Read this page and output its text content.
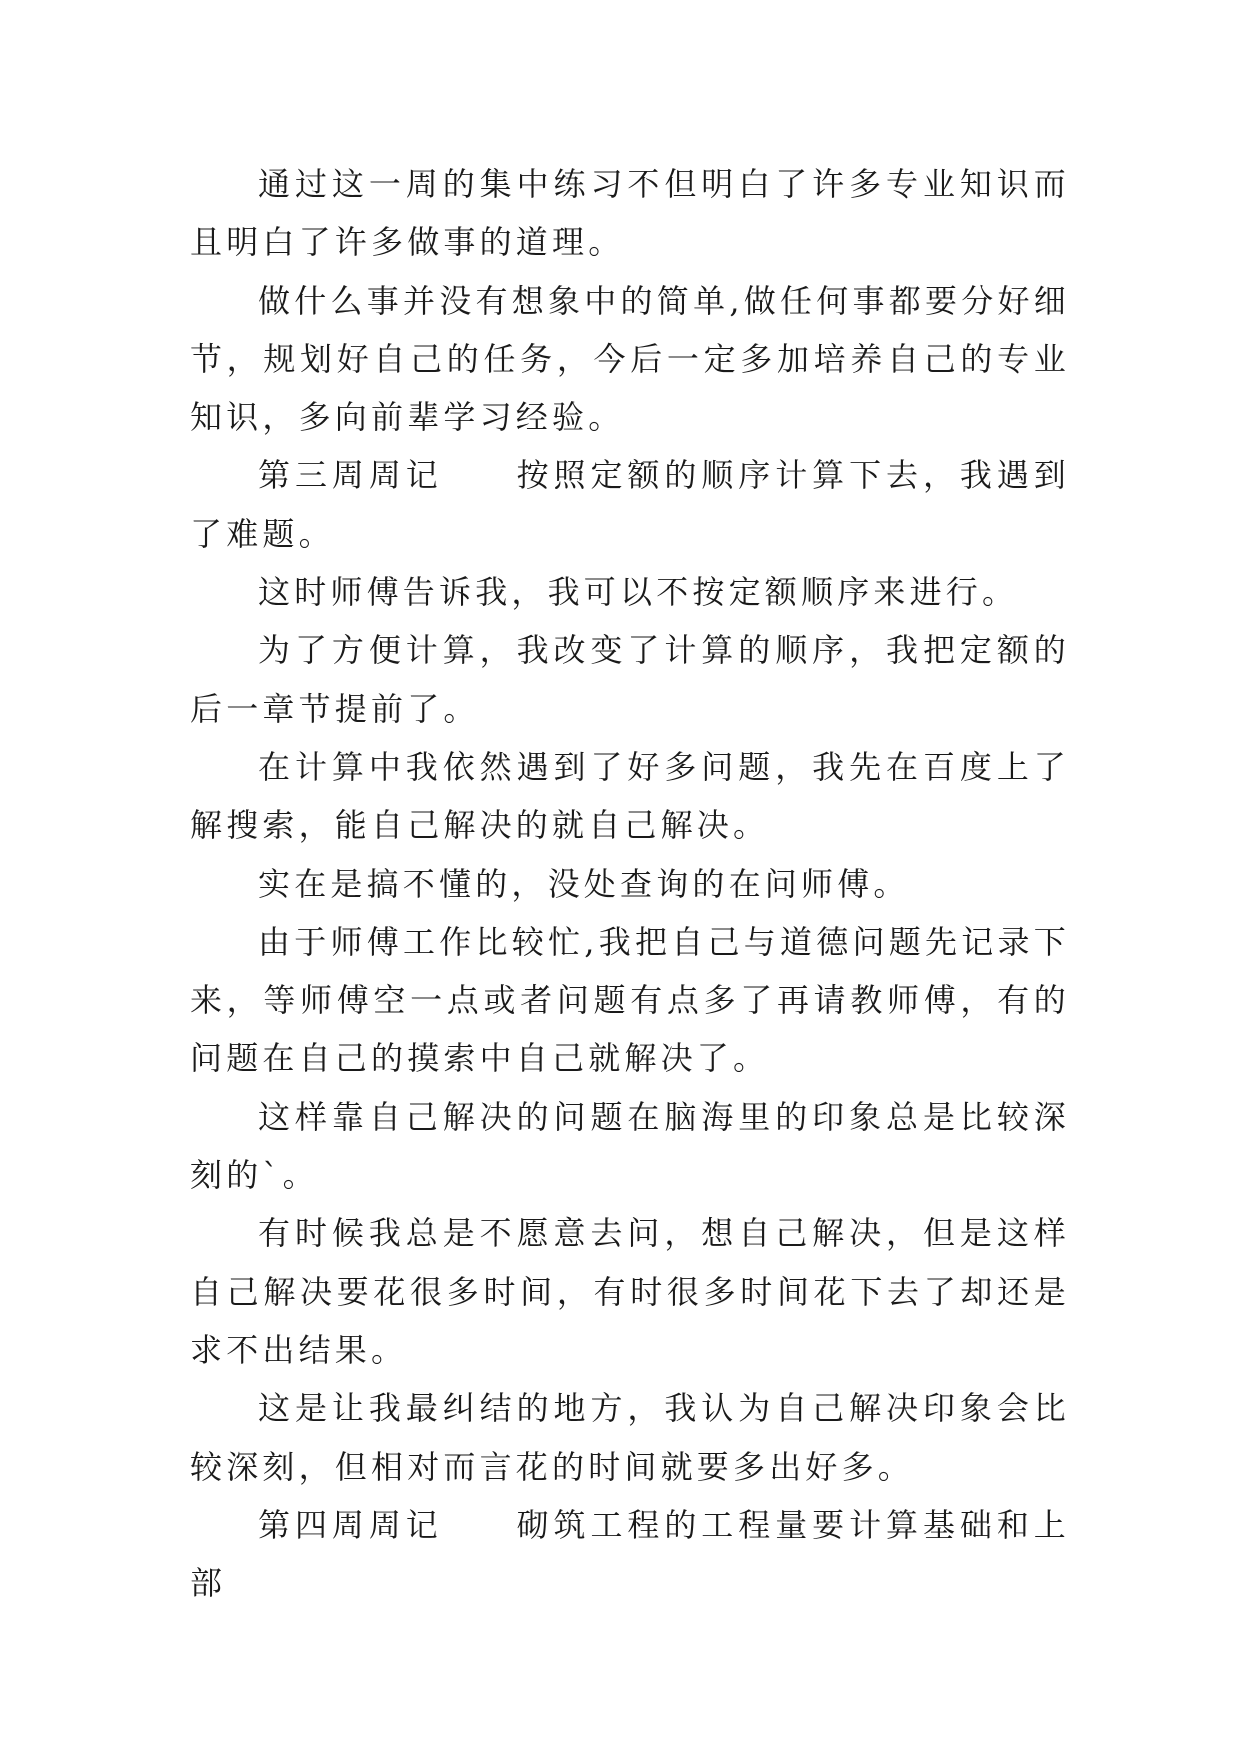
通过这一周的集中练习不但明白了许多专业知识而且明白了许多做事的道理。

做什么事并没有想象中的简单,做任何事都要分好细节，规划好自己的任务，今后一定多加培养自己的专业知识，多向前辈学习经验。

第三周周记　　按照定额的顺序计算下去，我遇到了难题。

这时师傅告诉我，我可以不按定额顺序来进行。

为了方便计算，我改变了计算的顺序，我把定额的后一章节提前了。

在计算中我依然遇到了好多问题，我先在百度上了解搜索，能自己解决的就自己解决。

实在是搞不懂的，没处查询的在问师傅。

由于师傅工作比较忙,我把自己与道德问题先记录下来，等师傅空一点或者问题有点多了再请教师傅，有的问题在自己的摸索中自己就解决了。

这样靠自己解决的问题在脑海里的印象总是比较深刻的`。

有时候我总是不愿意去问，想自己解决，但是这样自己解决要花很多时间，有时很多时间花下去了却还是求不出结果。

这是让我最纠结的地方，我认为自己解决印象会比较深刻，但相对而言花的时间就要多出好多。

第四周周记　　砌筑工程的工程量要计算基础和上部
